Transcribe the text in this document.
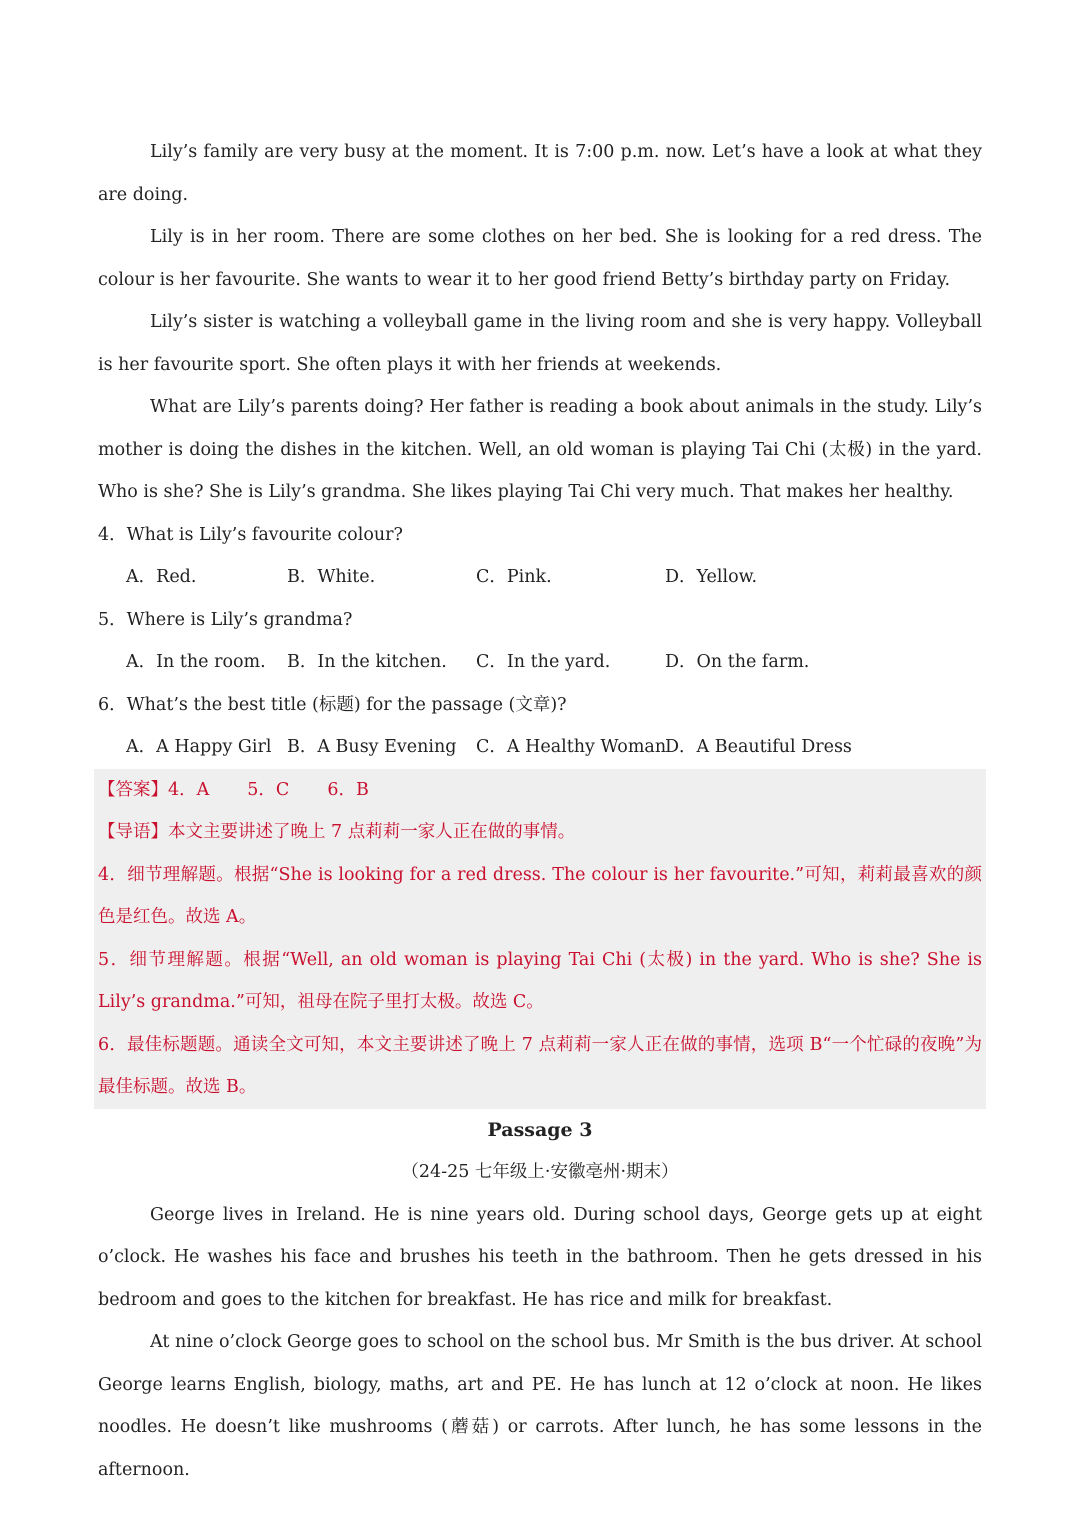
Lily’s family are very busy at the moment. It is 7:00 p.m. now. Let’s have a look at what they are doing.
Lily is in her room. There are some clothes on her bed. She is looking for a red dress. The colour is her favourite. She wants to wear it to her good friend Betty’s birthday party on Friday.
Lily’s sister is watching a volleyball game in the living room and she is very happy. Volleyball is her favourite sport. She often plays it with her friends at weekends.
What are Lily’s parents doing? Her father is reading a book about animals in the study. Lily’s mother is doing the dishes in the kitchen. Well, an old woman is playing Tai Chi (太极) in the yard. Who is she? She is Lily’s grandma. She likes playing Tai Chi very much. That makes her healthy.
4．What is Lily’s favourite colour?
A．Red.	B．White.	C．Pink.	D．Yellow.
5．Where is Lily’s grandma?
A．In the room.	B．In the kitchen.	C．In the yard.	D．On the farm.
6．What’s the best title (标题) for the passage (文章)?
A．A Happy Girl B．A Busy Evening	C．A Healthy Woman
D．A Beautiful Dress
【答案】4．A 5．C 6．B
【导语】本文主要讲述了晚上 7 点莉莉一家人正在做的事情。
4．细节理解题。根据“She is looking for a red dress. The colour is her favourite.”可知，莉莉最喜欢的颜色是红色。故选 A。
5．细节理解题。根据“Well, an old woman is playing Tai Chi (太极) in the yard. Who is she? She is Lily’s grandma.”可知，祖母在院子里打太极。故选 C。
6．最佳标题题。通读全文可知，本文主要讲述了晚上 7 点莉莉一家人正在做的事情，选项 B“一个忙碌的夜晚”为最佳标题。故选 B。
Passage 3
（24-25 七年级上·安徽亳州·期末）
George lives in Ireland. He is nine years old. During school days, George gets up at eight o’clock. He washes his face and brushes his teeth in the bathroom. Then he gets dressed in his bedroom and goes to the kitchen for breakfast. He has rice and milk for breakfast.
At nine o’clock George goes to school on the school bus. Mr Smith is the bus driver. At school George learns English, biology, maths, art and PE. He has lunch at 12 o’clock at noon. He likes noodles. He doesn’t like mushrooms (蘑菇) or carrots. After lunch, he has some lessons in the afternoon.
